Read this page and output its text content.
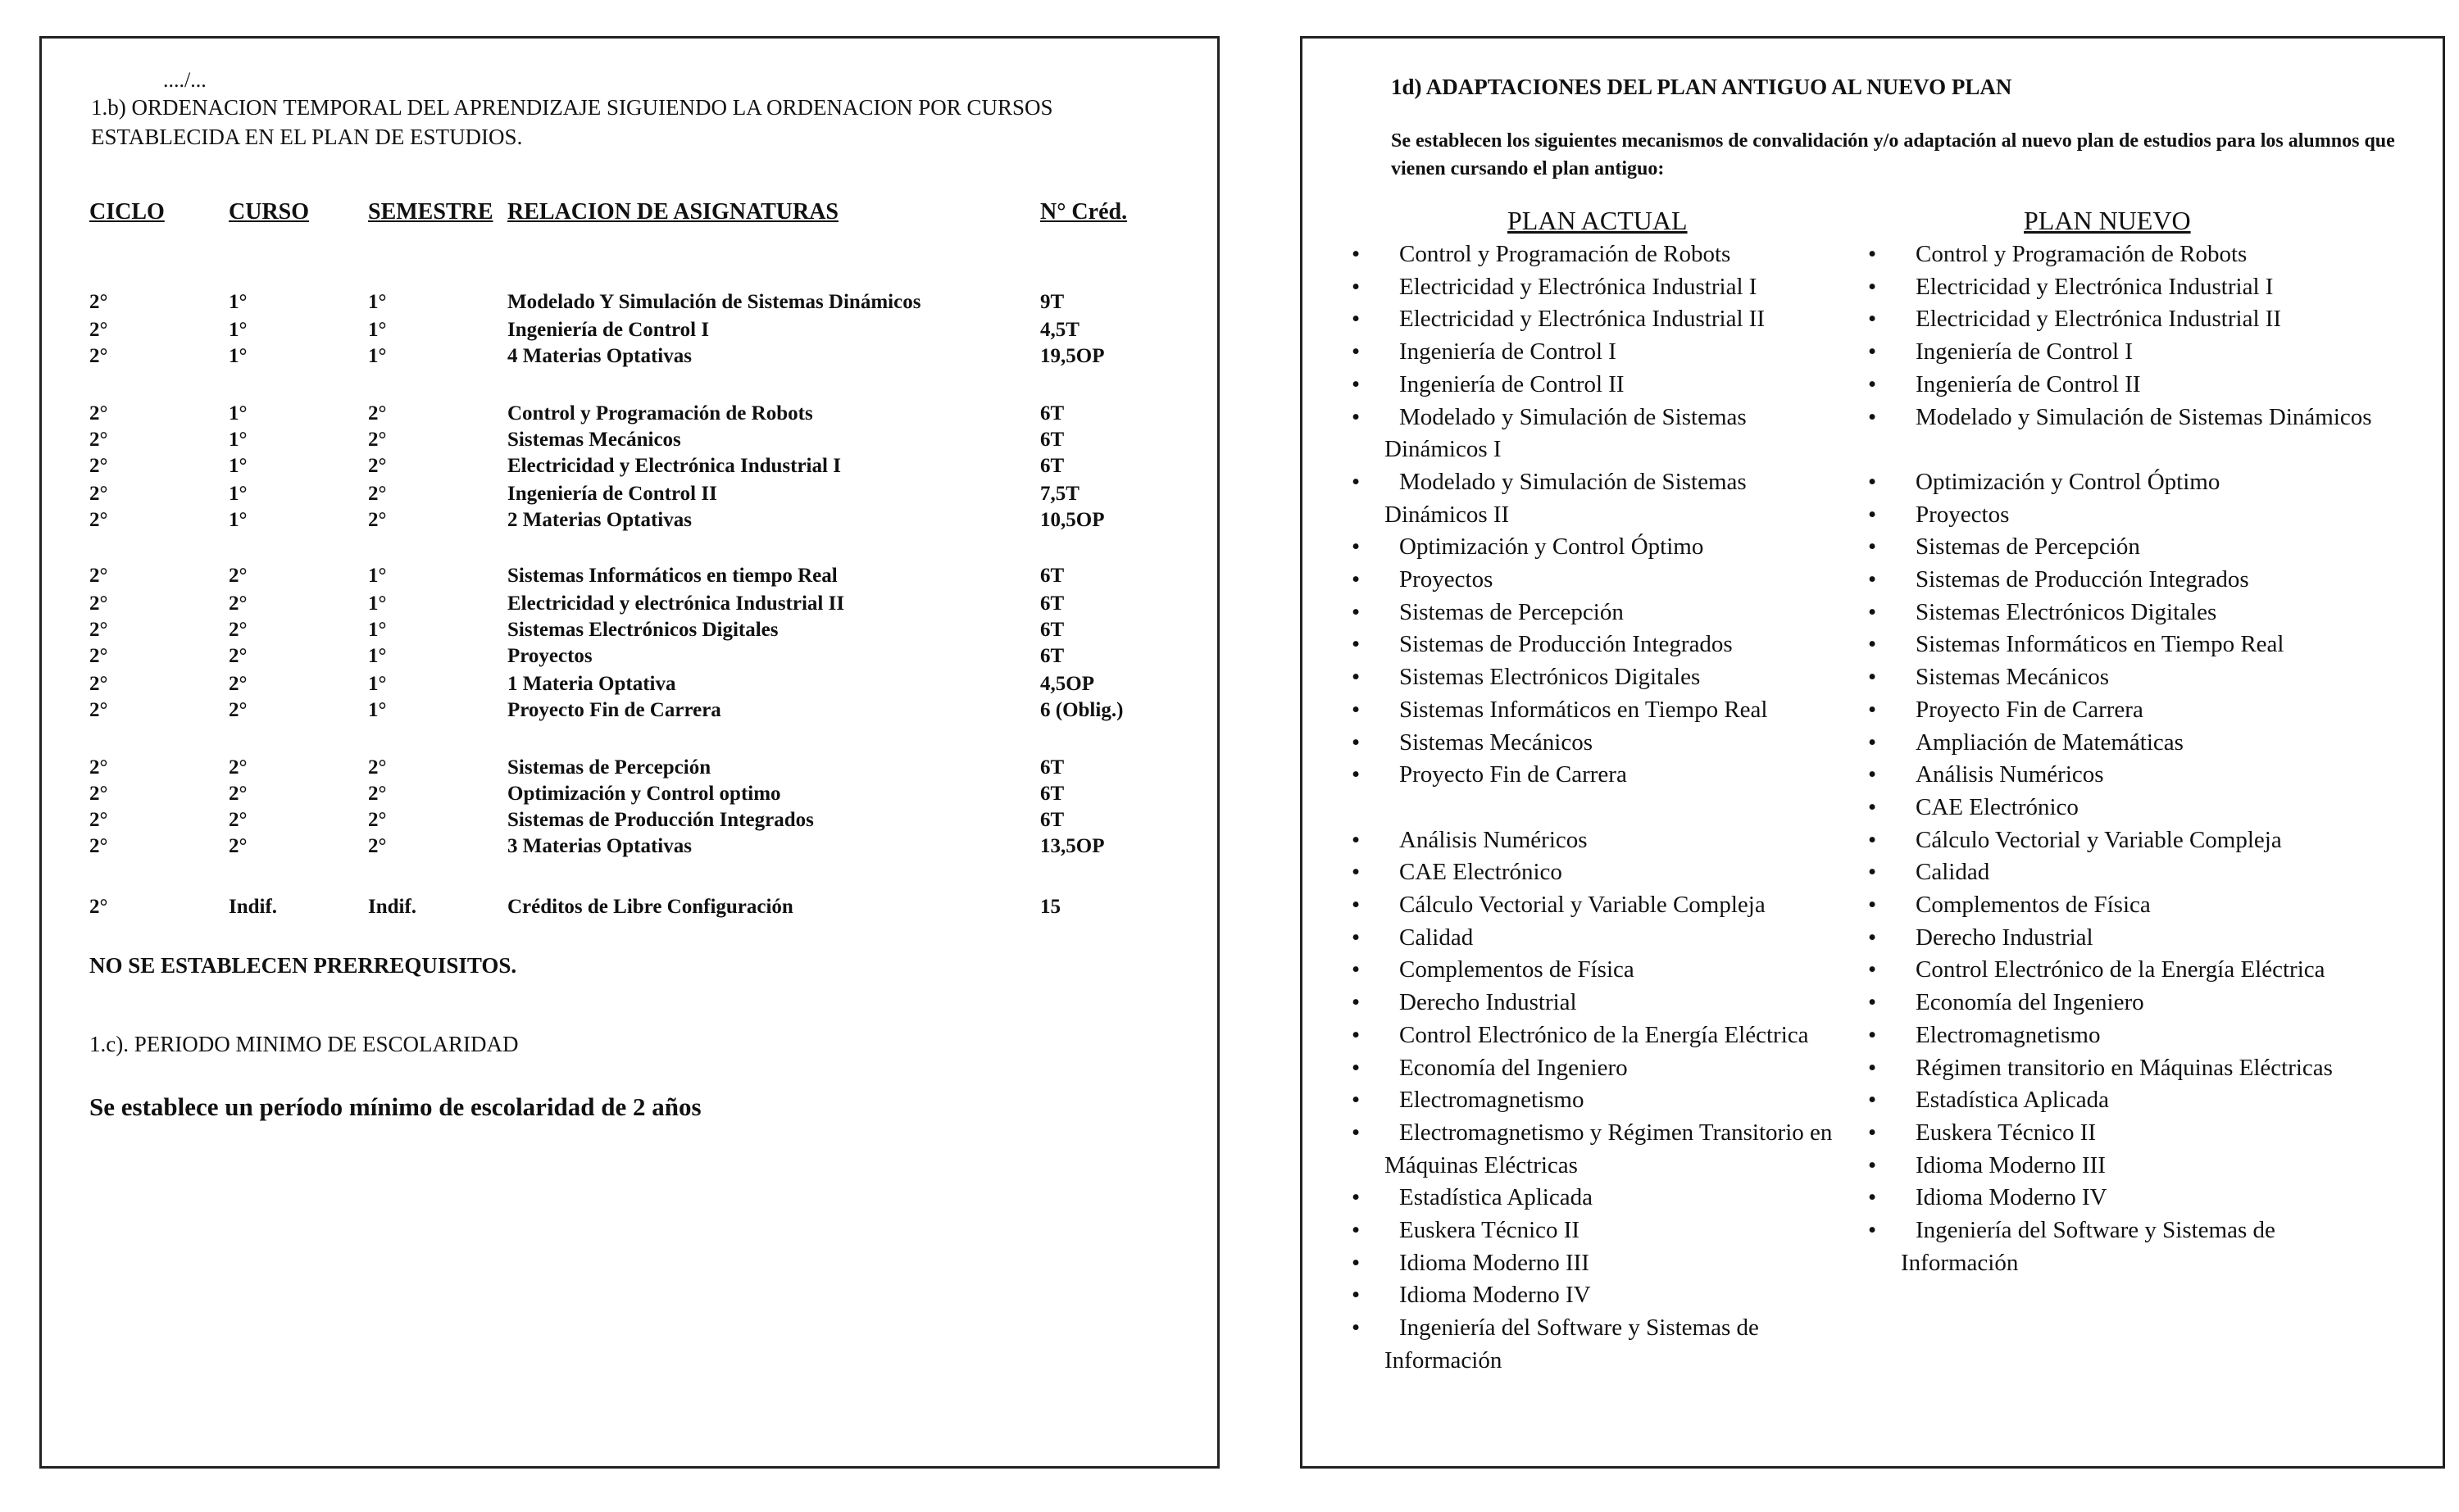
..../...
1.b) ORDENACION TEMPORAL DEL APRENDIZAJE SIGUIENDO LA ORDENACION POR CURSOS ESTABLECIDA EN EL PLAN DE ESTUDIOS.
CICLO	CURSO	SEMESTRE RELACION DE ASIGNATURAS	N° Créd.
2°	1°	1°	Modelado Y Simulación de Sistemas Dinámicos	9T
2°	1°	1°	Ingeniería de Control I	4,5T
2°	1°	1°	4 Materias Optativas	19,5OP
2°	1°	2°	Control y Programación de Robots	6T
2°	1°	2°	Sistemas Mecánicos	6T
2°	1°	2°	Electricidad y Electrónica Industrial I	6T
2°	1°	2°	Ingeniería de Control II	7,5T
2°	1°	2°	2 Materias Optativas	10,5OP
2°	2°	1°	Sistemas Informáticos en tiempo Real	6T
2°	2°	1°	Electricidad y electrónica Industrial II	6T
2°	2°	1°	Sistemas Electrónicos Digitales	6T
2°	2°	1°	Proyectos	6T
2°	2°	1°	1 Materia Optativa	4,5OP
2°	2°	1°	Proyecto Fin de Carrera	6 (Oblig.)
2°	2°	2°	Sistemas de Percepción	6T
2°	2°	2°	Optimización y Control optimo	6T
2°	2°	2°	Sistemas de Producción Integrados	6T
2°	2°	2°	3 Materias Optativas	13,5OP
2°	Indif.	Indif.	Créditos de Libre Configuración	15
NO SE ESTABLECEN PRERREQUISITOS.
1.c). PERIODO MINIMO DE ESCOLARIDAD
Se establece un período mínimo de escolaridad de 2 años
1d) ADAPTACIONES DEL PLAN ANTIGUO AL NUEVO PLAN
Se establecen los siguientes mecanismos de convalidación y/o adaptación al nuevo plan de estudios para los alumnos que vienen cursando el plan antiguo:
PLAN ACTUAL	PLAN NUEVO
• Control y Programación de Robots
• Electricidad y Electrónica Industrial I
• Electricidad y Electrónica Industrial II
• Ingeniería de Control I
• Ingeniería de Control II
• Modelado y Simulación de Sistemas Dinámicos I
• Modelado y Simulación de Sistemas Dinámicos II
• Optimización y Control Óptimo
• Proyectos
• Sistemas de Percepción
• Sistemas de Producción Integrados
• Sistemas Electrónicos Digitales
• Sistemas Informáticos en Tiempo Real
• Sistemas Mecánicos
• Proyecto Fin de Carrera
• Análisis Numéricos
• CAE Electrónico
• Cálculo Vectorial y Variable Compleja
• Calidad
• Complementos de Física
• Derecho Industrial
• Control Electrónico de la Energía Eléctrica
• Economía del Ingeniero
• Electromagnetismo
• Electromagnetismo y Régimen Transitorio en Máquinas Eléctricas
• Estadística Aplicada
• Euskera Técnico II
• Idioma Moderno III
• Idioma Moderno IV
• Ingeniería del Software y Sistemas de Información
• Control y Programación de Robots
• Electricidad y Electrónica Industrial I
• Electricidad y Electrónica Industrial II
• Ingeniería de Control I
• Ingeniería de Control II
• Modelado y Simulación de Sistemas Dinámicos
• Optimización y Control Óptimo
• Proyectos
• Sistemas de Percepción
• Sistemas de Producción Integrados
• Sistemas Electrónicos Digitales
• Sistemas Informáticos en Tiempo Real
• Sistemas Mecánicos
• Proyecto Fin de Carrera
• Ampliación de Matemáticas
• Análisis Numéricos
• CAE Electrónico
• Cálculo Vectorial y Variable Compleja
• Calidad
• Complementos de Física
• Derecho Industrial
• Control Electrónico de la Energía Eléctrica
• Economía del Ingeniero
• Electromagnetismo
• Régimen transitorio en Máquinas Eléctricas
• Estadística Aplicada
• Euskera Técnico II
• Idioma Moderno III
• Idioma Moderno IV
• Ingeniería del Software y Sistemas de Información
